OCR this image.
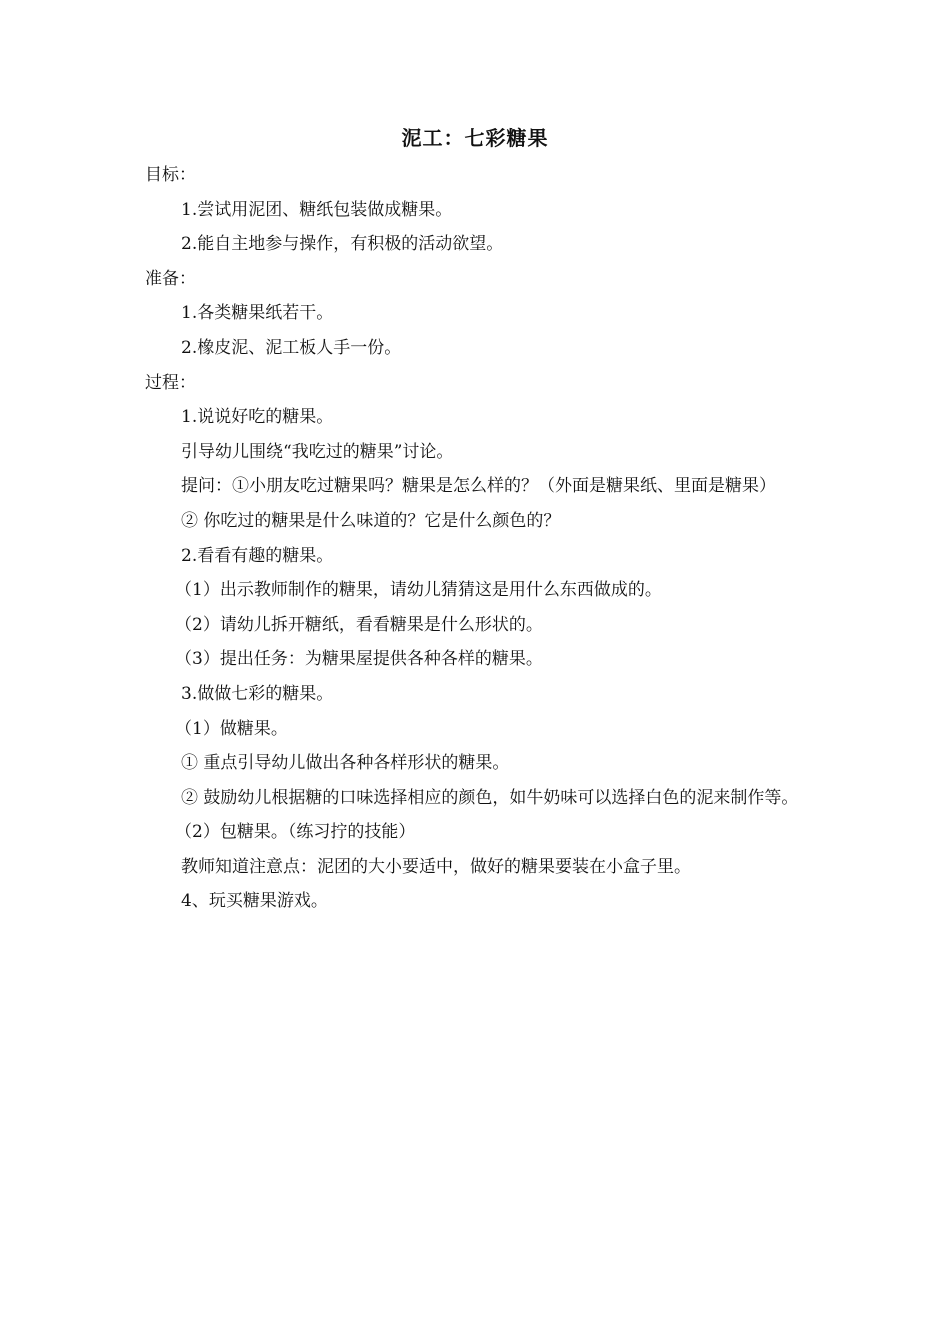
泥工：七彩糖果
目标：
1.尝试用泥团、糖纸包装做成糖果。
2.能自主地参与操作，有积极的活动欲望。
准备：
1.各类糖果纸若干。
2.橡皮泥、泥工板人手一份。
过程：
1.说说好吃的糖果。
引导幼儿围绕“我吃过的糖果”讨论。
提问：①小朋友吃过糖果吗？糖果是怎么样的？（外面是糖果纸、里面是糖果）
② 你吃过的糖果是什么味道的？它是什么颜色的？
2.看看有趣的糖果。
（1）出示教师制作的糖果，请幼儿猜猜这是用什么东西做成的。
（2）请幼儿拆开糖纸，看看糖果是什么形状的。
（3）提出任务：为糖果屋提供各种各样的糖果。
3.做做七彩的糖果。
（1）做糖果。
① 重点引导幼儿做出各种各样形状的糖果。
② 鼓励幼儿根据糖的口味选择相应的颜色，如牛奶味可以选择白色的泥来制作等。
（2）包糖果。（练习拧的技能）
教师知道注意点：泥团的大小要适中，做好的糖果要装在小盒子里。
4、玩买糖果游戏。
